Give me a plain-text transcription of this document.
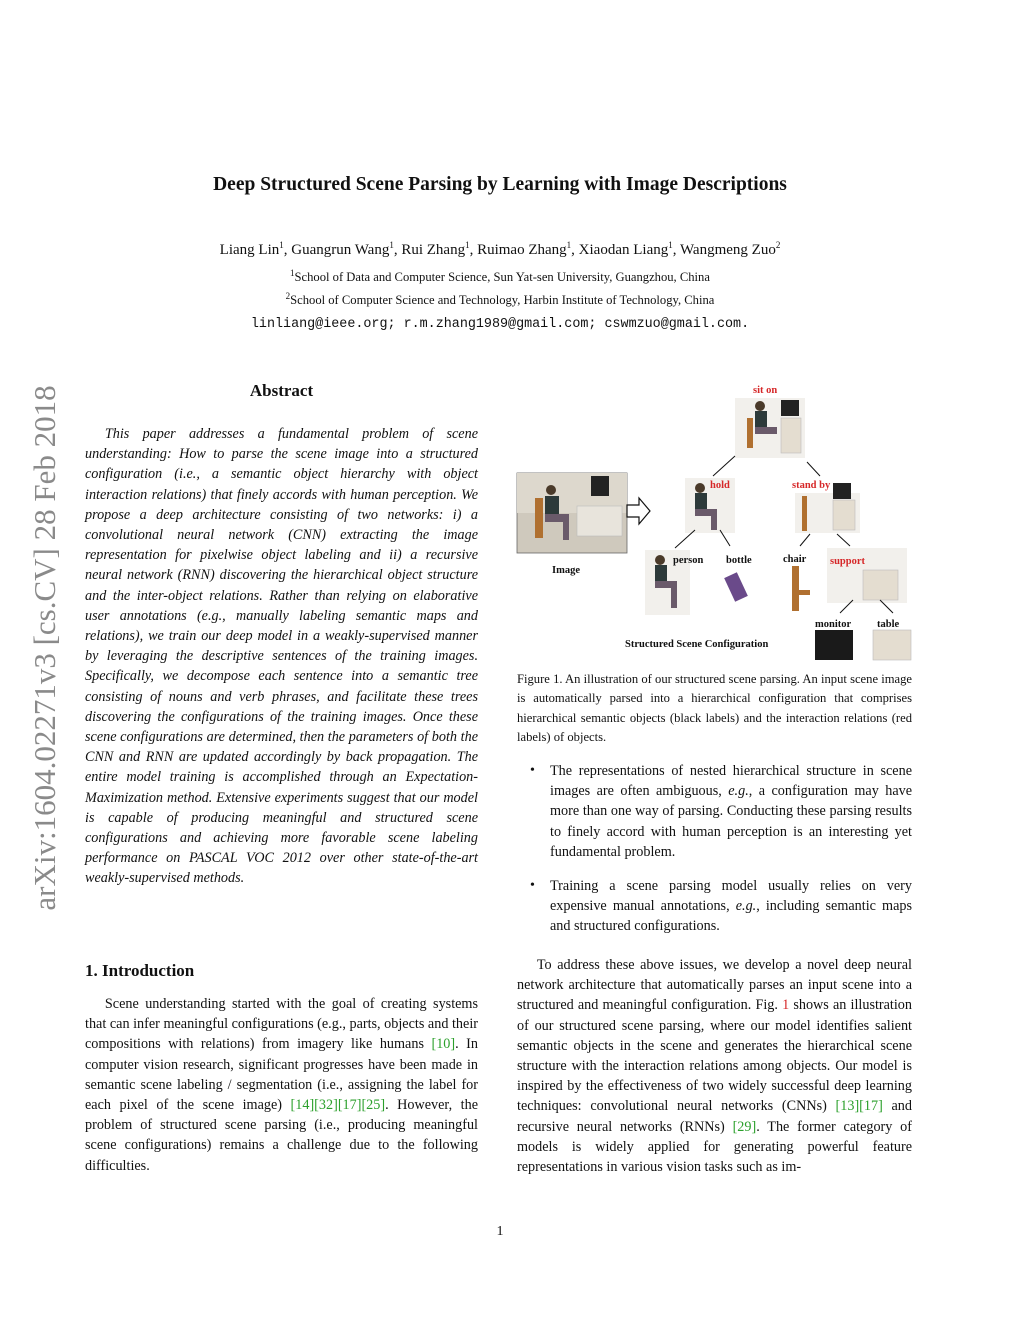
arXiv:1604.02271v3 [cs.CV] 28 Feb 2018
Deep Structured Scene Parsing by Learning with Image Descriptions
Liang Lin$^1$, Guangrun Wang$^1$, Rui Zhang$^1$, Ruimao Zhang$^1$, Xiaodan Liang$^1$, Wangmeng Zuo$^2$
$^1$School of Data and Computer Science, Sun Yat-sen University, Guangzhou, China
$^2$School of Computer Science and Technology, Harbin Institute of Technology, China
linliang@ieee.org; r.m.zhang1989@gmail.com; cswmzuo@gmail.com.
Abstract

This paper addresses a fundamental problem of scene understanding: How to parse the scene image into a structured configuration (i.e., a semantic object hierarchy with object interaction relations) that finely accords with human perception. We propose a deep architecture consisting of two networks: i) a convolutional neural network (CNN) extracting the image representation for pixelwise object labeling and ii) a recursive neural network (RNN) discovering the hierarchical object structure and the inter-object relations. Rather than relying on elaborative user annotations (e.g., manually labeling semantic maps and relations), we train our deep model in a weakly-supervised manner by leveraging the descriptive sentences of the training images. Specifically, we decompose each sentence into a semantic tree consisting of nouns and verb phrases, and facilitate these trees discovering the configurations of the training images. Once these scene configurations are determined, then the parameters of both the CNN and RNN are updated accordingly by back propagation. The entire model training is accomplished through an Expectation-Maximization method. Extensive experiments suggest that our model is capable of producing meaningful and structured scene configurations and achieving more favorable scene labeling performance on PASCAL VOC 2012 over other state-of-the-art weakly-supervised methods.

1. Introduction

Scene understanding started with the goal of creating systems that can infer meaningful configurations (e.g., parts, objects and their compositions with relations) from imagery like humans [10]. In computer vision research, significant progresses have been made in semantic scene labeling / segmentation (i.e., assigning the label for each pixel of the scene image) [14][32][17][25]. However, the problem of structured scene parsing (i.e., producing meaningful scene configurations) remains a challenge due to the following difficulties.

Image
sit on
hold	stand by
person bottle	chair support
monitor table
Structured Scene Configuration
Figure 1. An illustration of our structured scene parsing. An input scene image is automatically parsed into a hierarchical configuration that comprises hierarchical semantic objects (black labels) and the interaction relations (red labels) of objects.
• The representations of nested hierarchical structure in scene images are often ambiguous, e.g., a configuration may have more than one way of parsing. Conducting these parsing results to finely accord with human perception is an interesting yet fundamental problem.
• Training a scene parsing model usually relies on very expensive manual annotations, e.g., including semantic maps and structured configurations.

To address these above issues, we develop a novel deep neural network architecture that automatically parses an input scene into a structured and meaningful configuration. Fig. 1 shows an illustration of our structured scene parsing, where our model identifies salient semantic objects in the scene and generates the hierarchical scene structure with the interaction relations among objects. Our model is inspired by the effectiveness of two widely successful deep learning techniques: convolutional neural networks (CNNs) [13][17] and recursive neural networks (RNNs) [29]. The former category of models is widely applied for generating powerful feature representations in various vision tasks such as im-

1
